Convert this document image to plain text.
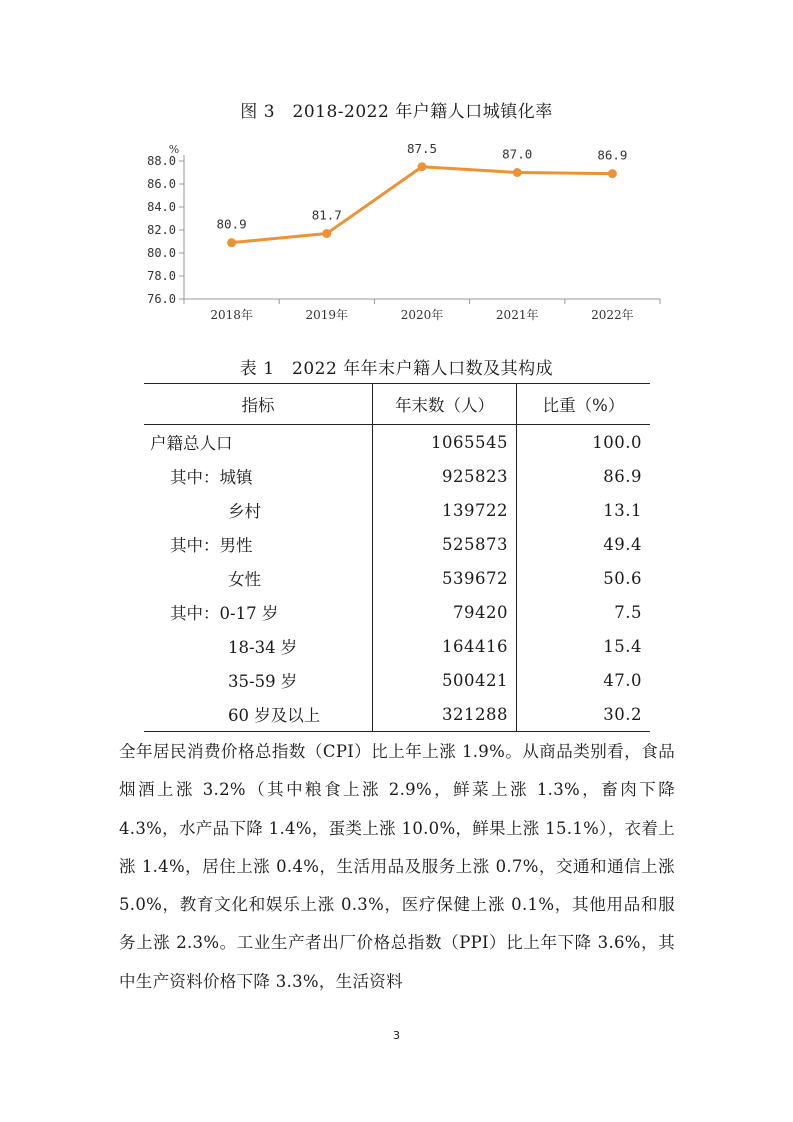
图 3　2018-2022 年户籍人口城镇化率
76.0
78.0
80.0
82.0
84.0
86.0
88.0
%
2018年	2019年	2020年	2021年	2022年
80.9
81.7
87.5	87.0	86.9
表 1　2022 年年末户籍人口数及其构成
指标	年末数（人）	比重（%）
户籍总人口	1065545	100.0
其中：城镇	925823	86.9
乡村	139722	13.1
其中：男性	525873	49.4
女性	539672	50.6
其中：0-17 岁	79420	7.5
18-34 岁	164416	15.4
35-59 岁	500421	47.0
60 岁及以上	321288	30.2

全年居民消费价格总指数（CPI）比上年上涨 1.9%。从商品类别看，食品烟酒上涨 3.2%（其中粮食上涨 2.9%，鲜菜上涨 1.3%，畜肉下降 4.3%，水产品下降 1.4%，蛋类上涨 10.0%，鲜果上涨 15.1%），衣着上涨 1.4%，居住上涨 0.4%，生活用品及服务上涨 0.7%，交通和通信上涨 5.0%，教育文化和娱乐上涨 0.3%，医疗保健上涨 0.1%，其他用品和服务上涨 2.3%。工业生产者出厂价格总指数（PPI）比上年下降 3.6%，其中生产资料价格下降 3.3%，生活资料

3
